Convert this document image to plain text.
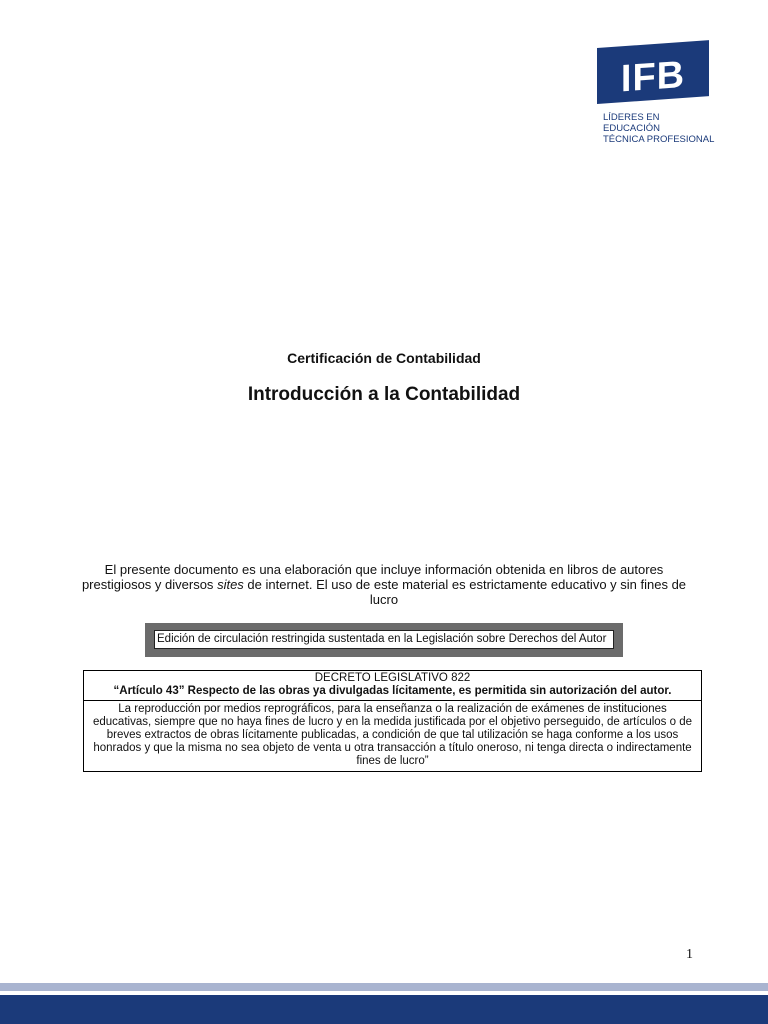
IFB
LÍDERES EN EDUCACIÓN
TÉCNICA PROFESIONAL
Certificación de Contabilidad
Introducción a la Contabilidad
El presente documento es una elaboración que incluye información obtenida en libros de autores prestigiosos y diversos sites de internet. El uso de este material es estrictamente educativo y sin fines de lucro
Edición de circulación restringida sustentada en la Legislación sobre Derechos del Autor
DECRETO LEGISLATIVO 822
“Artículo 43” Respecto de las obras ya divulgadas lícitamente, es permitida sin autorización del autor.
La reproducción por medios reprográficos, para la enseñanza o la realización de exámenes de instituciones educativas, siempre que no haya fines de lucro y en la medida justificada por el objetivo perseguido, de artículos o de breves extractos de obras lícitamente publicadas, a condición de que tal utilización se haga conforme a los usos honrados y que la misma no sea objeto de venta u otra transacción a título oneroso, ni tenga directa o indirectamente fines de lucro”
1
